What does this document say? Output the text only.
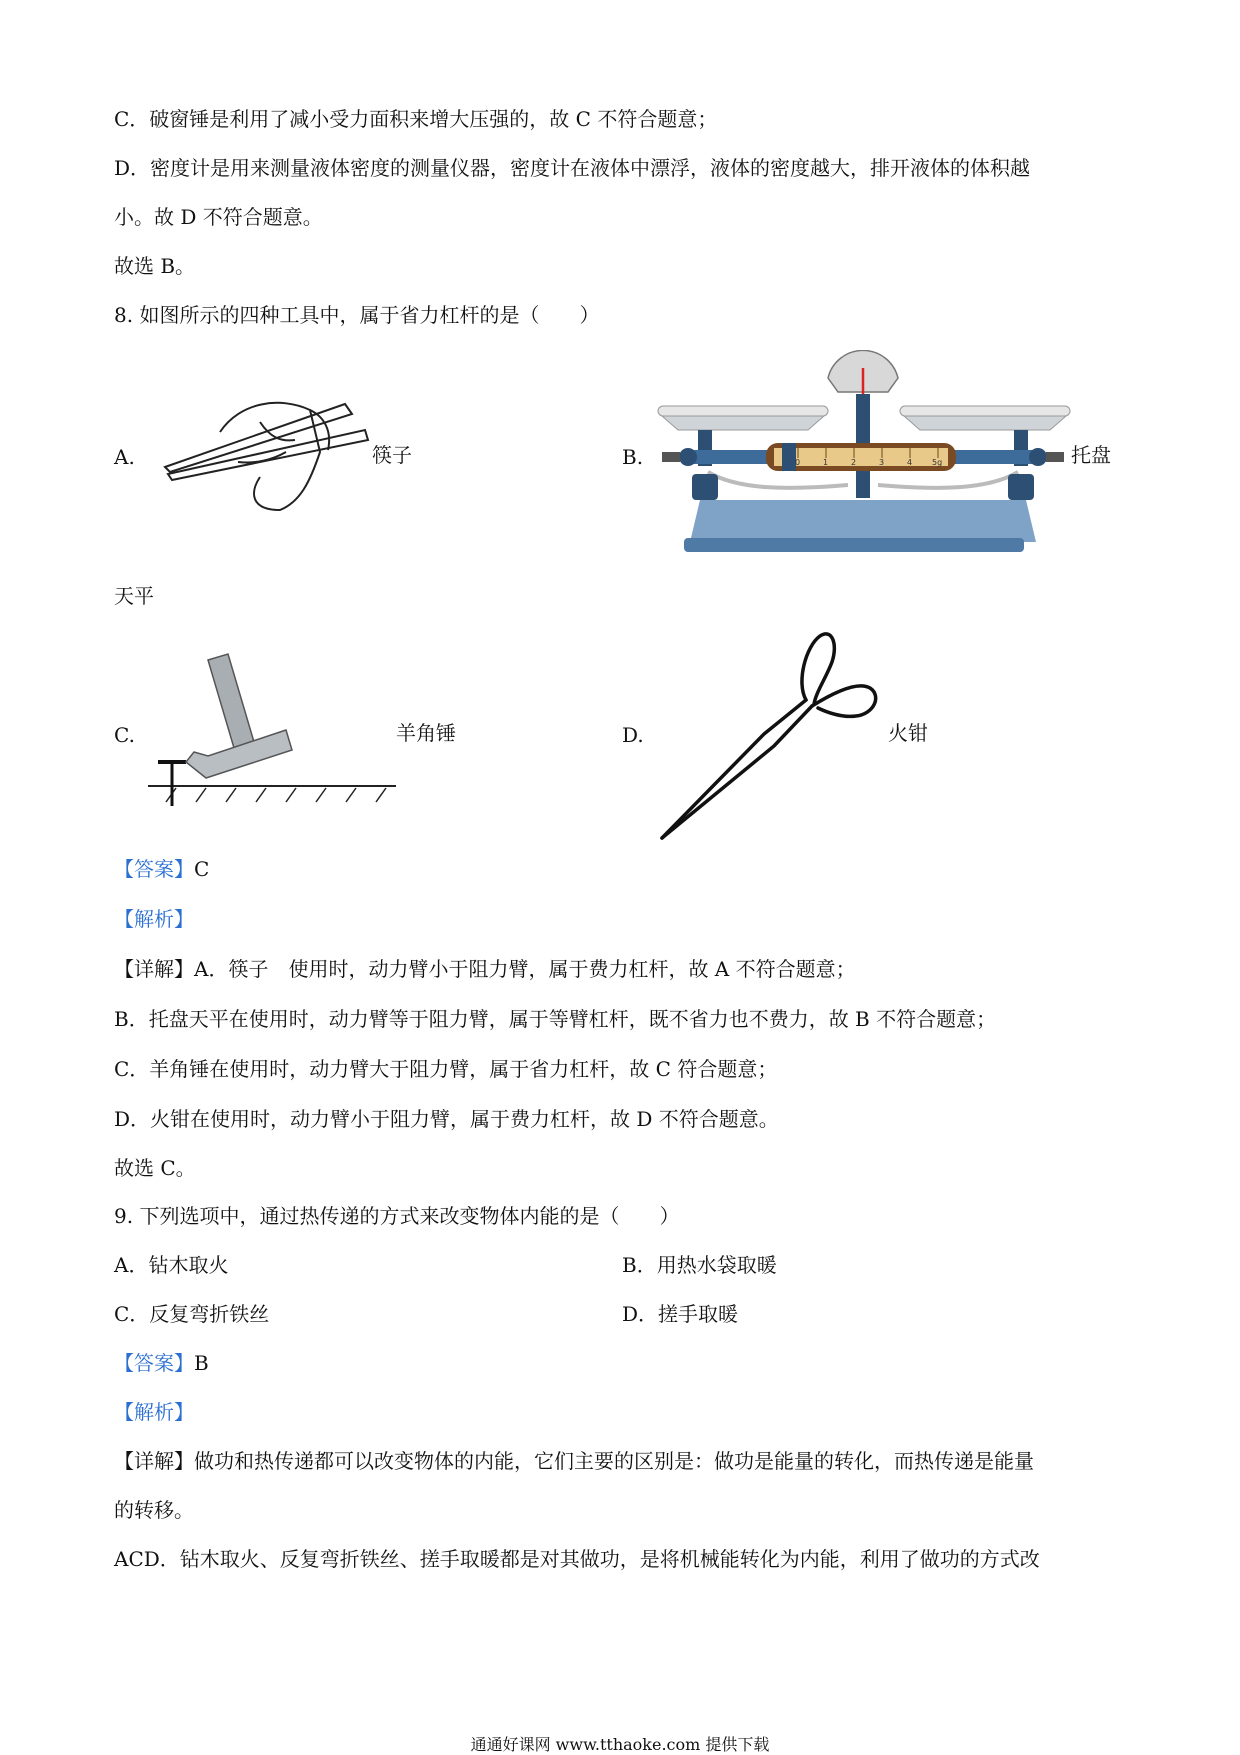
C．破窗锤是利用了减小受力面积来增大压强的，故 C 不符合题意；
D．密度计是用来测量液体密度的测量仪器，密度计在液体中漂浮，液体的密度越大，排开液体的体积越
小。故 D 不符合题意。
故选 B。
8. 如图所示的四种工具中，属于省力杠杆的是（　　）
A.	筷子	B.	0	1	2	3	4 5g	托盘
天平
C.	羊角锤	D.	火钳
【答案】C
【解析】
【详解】A．筷子　使用时，动力臂小于阻力臂，属于费力杠杆，故 A 不符合题意；
B．托盘天平在使用时，动力臂等于阻力臂，属于等臂杠杆，既不省力也不费力，故 B 不符合题意；
C．羊角锤在使用时，动力臂大于阻力臂，属于省力杠杆，故 C 符合题意；
D．火钳在使用时，动力臂小于阻力臂，属于费力杠杆，故 D 不符合题意。
故选 C。
9. 下列选项中，通过热传递的方式来改变物体内能的是（　　）
A．钻木取火	B．用热水袋取暖
C．反复弯折铁丝	D．搓手取暖
【答案】B
【解析】
【详解】做功和热传递都可以改变物体的内能，它们主要的区别是：做功是能量的转化，而热传递是能量
的转移。
ACD．钻木取火、反复弯折铁丝、搓手取暖都是对其做功，是将机械能转化为内能，利用了做功的方式改
通通好课网 www.tthaoke.com 提供下载
